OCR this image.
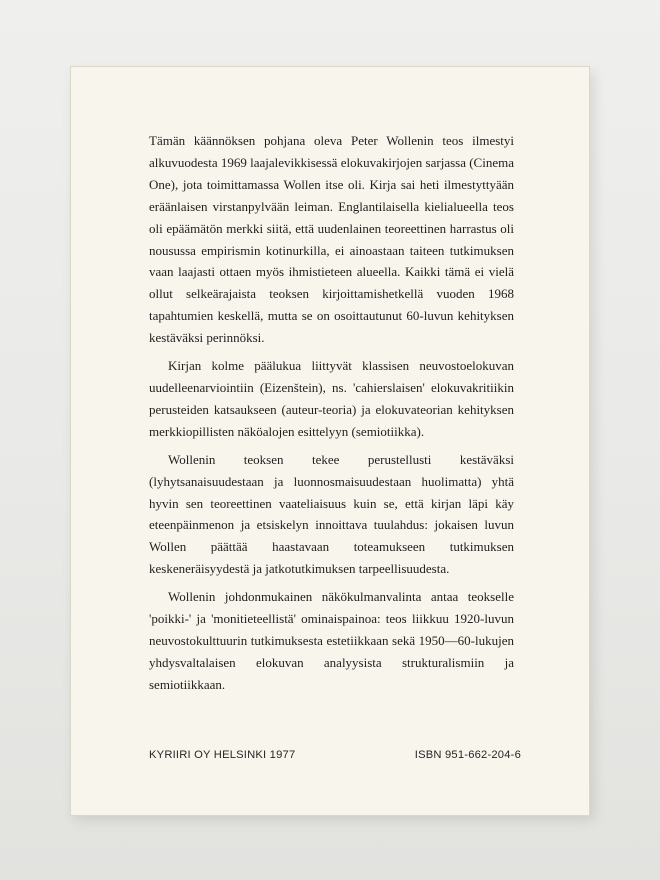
Tämän käännöksen pohjana oleva Peter Wollenin teos ilmestyi alkuvuodesta 1969 laajalevikkisessä elokuvakirjojen sarjassa (Cinema One), jota toimittamassa Wollen itse oli. Kirja sai heti ilmestyttyään eräänlaisen virstanpylvään leiman. Englantilaisella kielialueella teos oli epäämätön merkki siitä, että uudenlainen teoreettinen harrastus oli nousussa empirismin kotinurkilla, ei ainoastaan taiteen tutkimuksen vaan laajasti ottaen myös ihmistieteen alueella. Kaikki tämä ei vielä ollut selkeärajaista teoksen kirjoittamishetkellä vuoden 1968 tapahtumien keskellä, mutta se on osoittautunut 60-luvun kehityksen kestäväksi perinnöksi.

Kirjan kolme päälukua liittyvät klassisen neuvostoelokuvan uudelleenarviointiin (Eizenštein), ns. 'cahierslaisen' elokuvakritiikin perusteiden katsaukseen (auteur-teoria) ja elokuvateorian kehityksen merkkiopillisten näköalojen esittelyyn (semiotiikka).

Wollenin teoksen tekee perustellusti kestäväksi (lyhytsanaisuudestaan ja luonnosmaisuudestaan huolimatta) yhtä hyvin sen teoreettinen vaateliaisuus kuin se, että kirjan läpi käy eteenpäinmenon ja etsiskelyn innoittava tuulahdus: jokaisen luvun Wollen päättää haastavaan toteamukseen tutkimuksen keskeneräisyydestä ja jatkotutkimuksen tarpeellisuudesta.

Wollenin johdonmukainen näkökulmanvalinta antaa teokselle 'poikki-' ja 'monitieteellistä' ominaispainoa: teos liikkuu 1920-luvun neuvostokulttuurin tutkimuksesta estetiikkaan sekä 1950—60-lukujen yhdysvaltalaisen elokuvan analyysista strukturalismiin ja semiotiikkaan.

KYRIIRI OY HELSINKI 1977	ISBN 951-662-204-6
